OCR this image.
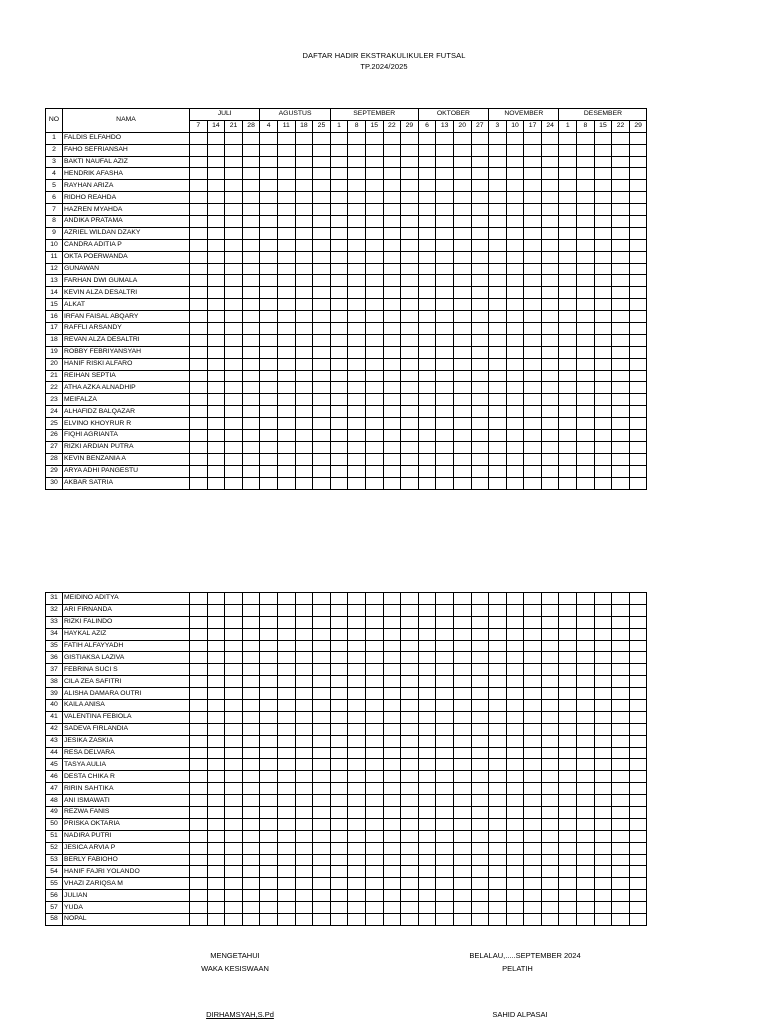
DAFTAR HADIR EKSTRAKULIKULER FUTSAL
TP.2024/2025
NO	NAMA	JULI				AGUSTUS				SEPTEMBER					OKTOBER				NOVEMBER				DESEMBER				
		7	14	21	28	4	11	18	25	1	8	15	22	29	6	13	20	27	3	10	17	24	1	8	15	22	29
1	FALDIS ELFAHDO																										
2	FAHO SEFRIANSAH																										
3	BAKTI NAUFAL AZIZ																										
4	HENDRIK AFASHA																										
5	RAYHAN ARIZA																										
6	RIDHO REAHDA																										
7	HAZREN MYAHDA																										
8	ANDIKA PRATAMA																										
9	AZRIEL WILDAN DZAKY																										
10	CANDRA ADITIA P																										
11	OKTA POERWANDA																										
12	GUNAWAN																										
13	FARHAN DWI GUMALA																										
14	KEVIN ALZA DESALTRI																										
15	ALKAT																										
16	IRFAN FAISAL ABQARY																										
17	RAFFLI ARSANDY																										
18	REVAN ALZA DESALTRI																										
19	ROBBY FEBRIYANSYAH																										
20	HANIF RISKI ALFARO																										
21	REIHAN SEPTIA																										
22	ATHA AZKA ALNADHIP																										
23	MEIFALZA																										
24	ALHAFIDZ BALQAZAR																										
25	ELVINO KHOYRUR R																										
26	FIQHI AGRIANTA																										
27	RIZKI ARDIAN PUTRA																										
28	KEVIN BENZANIA A																										
29	ARYA ADHI PANGESTU																										
30	AKBAR SATRIA																										
31	MEIDINO ADITYA																										
32	ARI FIRNANDA																										
33	RIZKI FALINDO																										
34	HAYKAL AZIZ																										
35	FATIH ALFAYYADH																										
36	GISTIAKSA LAZIVA																										
37	FEBRINA SUCI S																										
38	CILA ZEA SAFITRI																										
39	ALISHA DAMARA OUTRI																										
40	KAILA ANISA																										
41	VALENTINA FEBIOLA																										
42	SADEVA FIRLANDIA																										
43	JESIKA ZASKIA																										
44	RESA DELVARA																										
45	TASYA AULIA																										
46	DESTA CHIKA R																										
47	RIRIN SAHTIKA																										
48	ANI ISMAWATI																										
49	REZWA FANIS																										
50	PRISKA OKTARIA																										
51	NADIRA PUTRI																										
52	JESICA ARVIA P																										
53	BERLY FABIOHO																										
54	HANIF FAJRI YOLANDO																										
55	VHAZI ZARIQSA M																										
56	JULIAN																										
57	YUDA																										
58	NOPAL																										
MENGETAHUI
WAKA KESISWAAN
DIRHAMSYAH,S.Pd
BELALAU,.....SEPTEMBER 2024
PELATIH
SAHID ALPASAI
